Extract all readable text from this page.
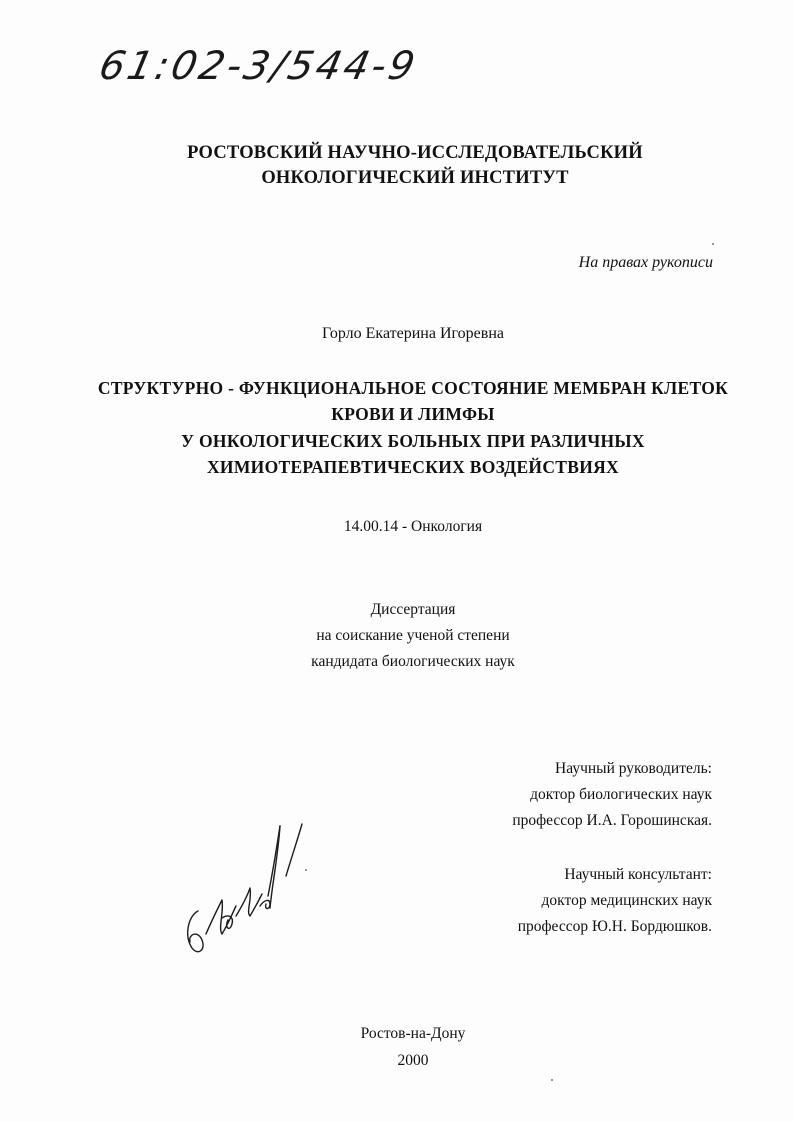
61:02-3/544-9
РОСТОВСКИЙ НАУЧНО-ИССЛЕДОВАТЕЛЬСКИЙ
ОНКОЛОГИЧЕСКИЙ ИНСТИТУТ
На правах рукописи
Горло Екатерина Игоревна
СТРУКТУРНО - ФУНКЦИОНАЛЬНОЕ СОСТОЯНИЕ МЕМБРАН КЛЕТОК
КРОВИ И ЛИМФЫ
У ОНКОЛОГИЧЕСКИХ БОЛЬНЫХ ПРИ РАЗЛИЧНЫХ
ХИМИОТЕРАПЕВТИЧЕСКИХ ВОЗДЕЙСТВИЯХ
14.00.14 - Онкология
Диссертация
на соискание ученой степени
кандидата биологических наук
Научный руководитель:
доктор биологических наук
профессор И.А. Горошинская.
Научный консультант:
доктор медицинских наук
профессор Ю.Н. Бордюшков.
Ростов-на-Дону
2000
